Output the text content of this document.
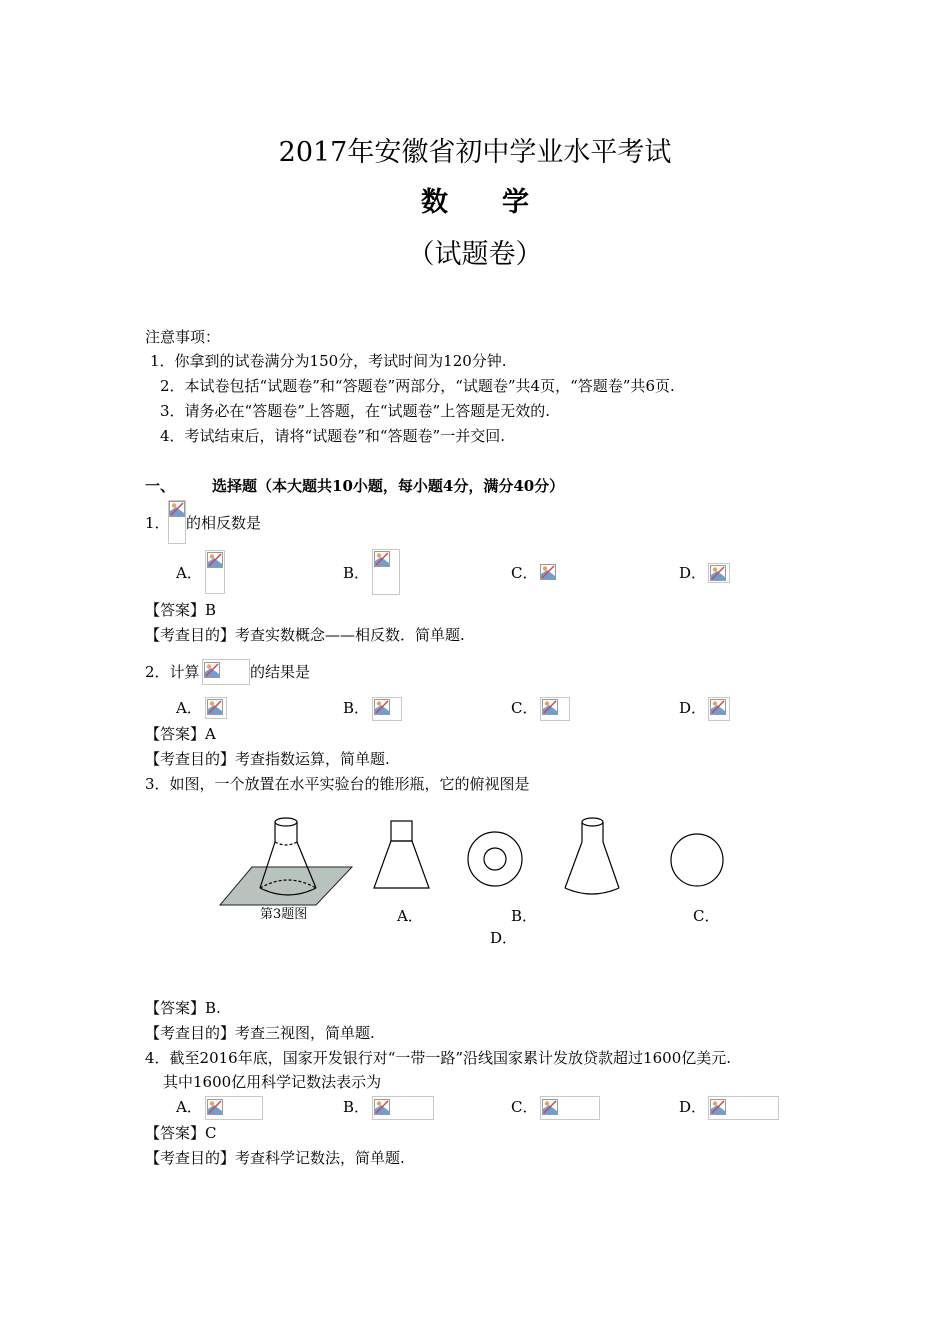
2017年安徽省初中学业水平考试
数　　学
（试题卷）
注意事项：
1．你拿到的试卷满分为150分，考试时间为120分钟.
2．本试卷包括“试题卷”和“答题卷”两部分，“试题卷”共4页，“答题卷”共6页.
3．请务必在“答题卷”上答题，在“试题卷”上答题是无效的.
4．考试结束后，请将“试题卷”和“答题卷”一并交回.
一、 选择题（本大题共10小题，每小题4分，满分40分）
1． 的相反数是
A．	B．	C．	D．
【答案】B
【考查目的】考查实数概念——相反数．简单题.
2．计算	的结果是
A．	B．	C．	D．
【答案】A
【考查目的】考查指数运算，简单题.
3．如图，一个放置在水平实验台的锥形瓶，它的俯视图是
第3题图	A．	B．	C．
D．
【答案】B.
【考查目的】考查三视图，简单题.
4．截至2016年底，国家开发银行对“一带一路”沿线国家累计发放贷款超过1600亿美元.
其中1600亿用科学记数法表示为
A．	B．	C．	D．
【答案】C
【考查目的】考查科学记数法，简单题.
